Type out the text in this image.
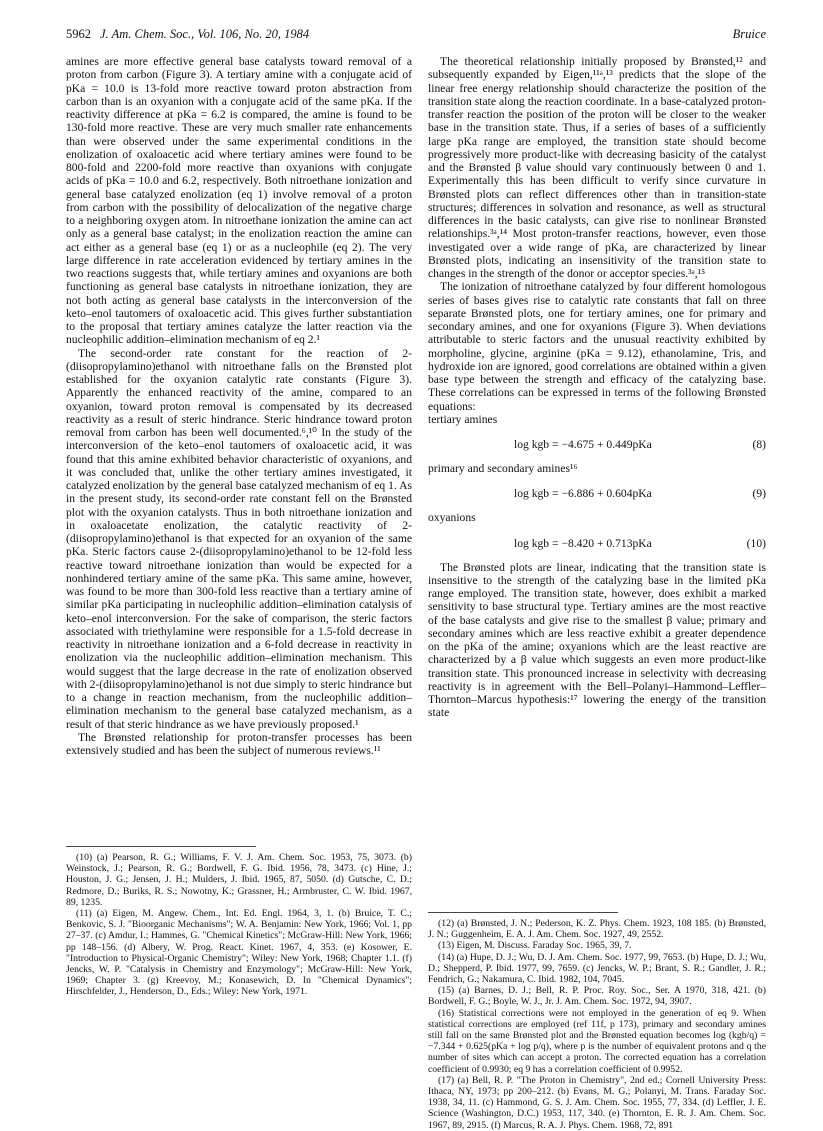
5962 J. Am. Chem. Soc., Vol. 106, No. 20, 1984	Bruice

amines are more effective general base catalysts toward removal of a proton from carbon (Figure 3). A tertiary amine with a conjugate acid of pKa = 10.0 is 13-fold more reactive toward proton abstraction from carbon than is an oxyanion with a conjugate acid of the same pKa. If the reactivity difference at pKa = 6.2 is compared, the amine is found to be 130-fold more reactive. These are very much smaller rate enhancements than were observed under the same experimental conditions in the enolization of oxaloacetic acid where tertiary amines were found to be 800-fold and 2200-fold more reactive than oxyanions with conjugate acids of pKa = 10.0 and 6.2, respectively. Both nitroethane ionization and general base catalyzed enolization (eq 1) involve removal of a proton from carbon with the possibility of delocalization of the negative charge to a neighboring oxygen atom. In nitroethane ionization the amine can act only as a general base catalyst; in the enolization reaction the amine can act either as a general base (eq 1) or as a nucleophile (eq 2). The very large difference in rate acceleration evidenced by tertiary amines in the two reactions suggests that, while tertiary amines and oxyanions are both functioning as general base catalysts in nitroethane ionization, they are not both acting as general base catalysts in the interconversion of the keto–enol tautomers of oxaloacetic acid. This gives further substantiation to the proposal that tertiary amines catalyze the latter reaction via the nucleophilic addition–elimination mechanism of eq 2.¹

The second-order rate constant for the reaction of 2-(diisopropylamino)ethanol with nitroethane falls on the Brønsted plot established for the oxyanion catalytic rate constants (Figure 3). Apparently the enhanced reactivity of the amine, compared to an oxyanion, toward proton removal is compensated by its decreased reactivity as a result of steric hindrance. Steric hindrance toward proton removal from carbon has been well documented.⁶,¹⁰ In the study of the interconversion of the keto–enol tautomers of oxaloacetic acid, it was found that this amine exhibited behavior characteristic of oxyanions, and it was concluded that, unlike the other tertiary amines investigated, it catalyzed enolization by the general base catalyzed mechanism of eq 1. As in the present study, its second-order rate constant fell on the Brønsted plot with the oxyanion catalysts. Thus in both nitroethane ionization and in oxaloacetate enolization, the catalytic reactivity of 2-(diisopropylamino)ethanol is that expected for an oxyanion of the same pKa. Steric factors cause 2-(diisopropylamino)ethanol to be 12-fold less reactive toward nitroethane ionization than would be expected for a nonhindered tertiary amine of the same pKa. This same amine, however, was found to be more than 300-fold less reactive than a tertiary amine of similar pKa participating in nucleophilic addition–elimination catalysis of keto–enol interconversion. For the sake of comparison, the steric factors associated with triethylamine were responsible for a 1.5-fold decrease in reactivity in nitroethane ionization and a 6-fold decrease in reactivity in enolization via the nucleophilic addition–elimination mechanism. This would suggest that the large decrease in the rate of enolization observed with 2-(diisopropylamino)ethanol is not due simply to steric hindrance but to a change in reaction mechanism, from the nucleophilic addition–elimination mechanism to the general base catalyzed mechanism, as a result of that steric hindrance as we have previously proposed.¹

The Brønsted relationship for proton-transfer processes has been extensively studied and has been the subject of numerous reviews.¹¹

(10) (a) Pearson, R. G.; Williams, F. V. J. Am. Chem. Soc. 1953, 75, 3073. (b) Weinstock, J.; Pearson, R. G.; Bordwell, F. G. Ibid. 1956, 78, 3473. (c) Hine, J.; Houston, J. G.; Jensen, J. H.; Mulders, J. Ibid. 1965, 87, 5050. (d) Gutsche, C. D.; Redmore, D.; Buriks, R. S.; Nowotny, K.; Grassner, H.; Armbruster, C. W. Ibid. 1967, 89, 1235.

(11) (a) Eigen, M. Angew. Chem., Int. Ed. Engl. 1964, 3, 1. (b) Bruice, T. C.; Benkovic, S. J. "Bioorganic Mechanisms"; W. A. Benjamin: New York, 1966; Vol. 1, pp 27–37. (c) Amdur, I.; Hammes, G. "Chemical Kinetics"; McGraw-Hill: New York, 1966; pp 148–156. (d) Albery, W. Prog. React. Kinet. 1967, 4, 353. (e) Kosower, E. "Introduction to Physical-Organic Chemistry"; Wiley: New York, 1968; Chapter 1.1. (f) Jencks, W. P. "Catalysis in Chemistry and Enzymology"; McGraw-Hill: New York, 1969; Chapter 3. (g) Kreevoy, M.; Konasewich, D. In "Chemical Dynamics"; Hirschfelder, J., Henderson, D., Eds.; Wiley: New York, 1971.

The theoretical relationship initially proposed by Brønsted,¹² and subsequently expanded by Eigen,¹¹ᵃ,¹³ predicts that the slope of the linear free energy relationship should characterize the position of the transition state along the reaction coordinate. In a base-catalyzed proton-transfer reaction the position of the proton will be closer to the weaker base in the transition state. Thus, if a series of bases of a sufficiently large pKa range are employed, the transition state should become progressively more product-like with decreasing basicity of the catalyst and the Brønsted β value should vary continuously between 0 and 1. Experimentally this has been difficult to verify since curvature in Brønsted plots can reflect differences other than in transition-state structures; differences in solvation and resonance, as well as structural differences in the basic catalysts, can give rise to nonlinear Brønsted relationships.³ᵃ,¹⁴ Most proton-transfer reactions, however, even those investigated over a wide range of pKa, are characterized by linear Brønsted plots, indicating an insensitivity of the transition state to changes in the strength of the donor or acceptor species.³ᵃ,¹⁵

The ionization of nitroethane catalyzed by four different homologous series of bases gives rise to catalytic rate constants that fall on three separate Brønsted plots, one for tertiary amines, one for primary and secondary amines, and one for oxyanions (Figure 3). When deviations attributable to steric factors and the unusual reactivity exhibited by morpholine, glycine, arginine (pKa = 9.12), ethanolamine, Tris, and hydroxide ion are ignored, good correlations are obtained within a given base type between the strength and efficacy of the catalyzing base. These correlations can be expressed in terms of the following Brønsted equations:

tertiary amines

log kgb = −4.675 + 0.449pKa	(8)

primary and secondary amines¹⁶

log kgb = −6.886 + 0.604pKa	(9)

oxyanions

log kgb = −8.420 + 0.713pKa	(10)

The Brønsted plots are linear, indicating that the transition state is insensitive to the strength of the catalyzing base in the limited pKa range employed. The transition state, however, does exhibit a marked sensitivity to base structural type. Tertiary amines are the most reactive of the base catalysts and give rise to the smallest β value; primary and secondary amines which are less reactive exhibit a greater dependence on the pKa of the amine; oxyanions which are the least reactive are characterized by a β value which suggests an even more product-like transition state. This pronounced increase in selectivity with decreasing reactivity is in agreement with the Bell–Polanyi–Hammond–Leffler–Thornton–Marcus hypothesis:¹⁷ lowering the energy of the transition state

(12) (a) Brønsted, J. N.; Pederson, K. Z. Phys. Chem. 1923, 108 185. (b) Brønsted, J. N.; Guggenheim, E. A. J. Am. Chem. Soc. 1927, 49, 2552.

(13) Eigen, M. Discuss. Faraday Soc. 1965, 39, 7.

(14) (a) Hupe, D. J.; Wu, D. J. Am. Chem. Soc. 1977, 99, 7653. (b) Hupe, D. J.; Wu, D.; Shepperd, P. Ibid. 1977, 99, 7659. (c) Jencks, W. P.; Brant, S. R.; Gandler, J. R.; Fendrich, G.; Nakamura, C. Ibid. 1982, 104, 7045.

(15) (a) Barnes, D. J.; Bell, R. P. Proc. Roy. Soc., Ser. A 1970, 318, 421. (b) Bordwell, F. G.; Boyle, W. J., Jr. J. Am. Chem. Soc. 1972, 94, 3907.

(16) Statistical corrections were not employed in the generation of eq 9. When statistical corrections are employed (ref 11f, p 173), primary and secondary amines still fall on the same Brønsted plot and the Brønsted equation becomes log (kgb/q) = −7.344 + 0.625(pKa + log p/q), where p is the number of equivalent protons and q the number of sites which can accept a proton. The corrected equation has a correlation coefficient of 0.9930; eq 9 has a correlation coefficient of 0.9952.

(17) (a) Bell, R. P. "The Proton in Chemistry", 2nd ed.; Cornell University Press: Ithaca, NY, 1973; pp 200–212. (b) Evans, M. G.; Polanyi, M. Trans. Faraday Soc. 1938, 34, 11. (c) Hammond, G. S. J. Am. Chem. Soc. 1955, 77, 334. (d) Leffler, J. E. Science (Washington, D.C.) 1953, 117, 340. (e) Thornton, E. R. J. Am. Chem. Soc. 1967, 89, 2915. (f) Marcus, R. A. J. Phys. Chem. 1968, 72, 891
